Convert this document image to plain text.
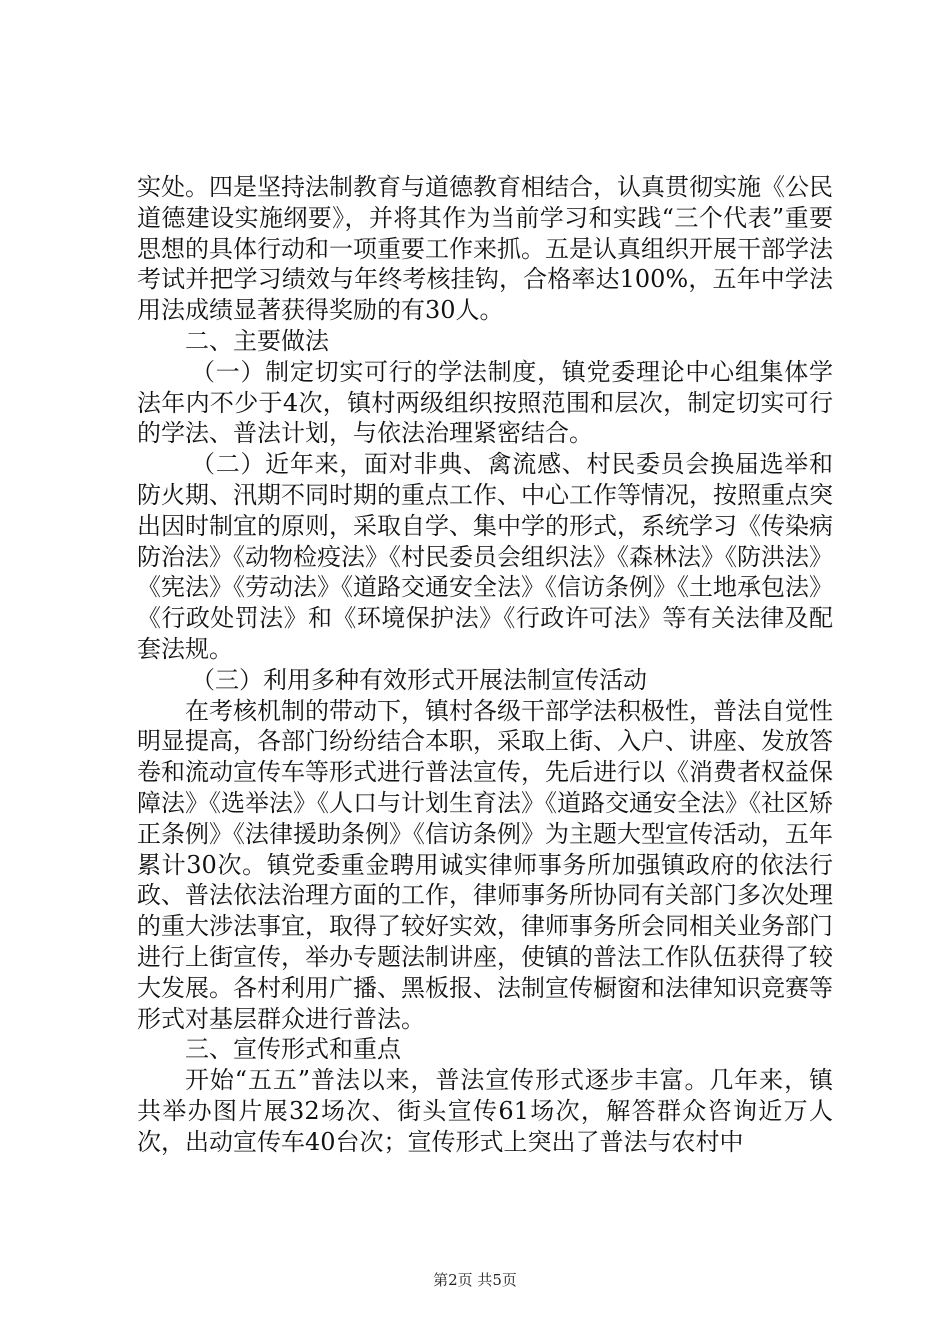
实处。四是坚持法制教育与道德教育相结合，认真贯彻实施《公民道德建设实施纲要》，并将其作为当前学习和实践“三个代表”重要思想的具体行动和一项重要工作来抓。五是认真组织开展干部学法考试并把学习绩效与年终考核挂钩，合格率达100%，五年中学法用法成绩显著获得奖励的有30人。

二、主要做法

（一）制定切实可行的学法制度，镇党委理论中心组集体学法年内不少于4次，镇村两级组织按照范围和层次，制定切实可行的学法、普法计划，与依法治理紧密结合。

（二）近年来，面对非典、禽流感、村民委员会换届选举和防火期、汛期不同时期的重点工作、中心工作等情况，按照重点突出因时制宜的原则，采取自学、集中学的形式，系统学习《传染病防治法》《动物检疫法》《村民委员会组织法》《森林法》《防洪法》《宪法》《劳动法》《道路交通安全法》《信访条例》《土地承包法》《行政处罚法》和《环境保护法》《行政许可法》等有关法律及配套法规。

（三）利用多种有效形式开展法制宣传活动

在考核机制的带动下，镇村各级干部学法积极性，普法自觉性明显提高，各部门纷纷结合本职，采取上街、入户、讲座、发放答卷和流动宣传车等形式进行普法宣传，先后进行以《消费者权益保障法》《选举法》《人口与计划生育法》《道路交通安全法》《社区矫正条例》《法律援助条例》《信访条例》为主题大型宣传活动，五年累计30次。镇党委重金聘用诚实律师事务所加强镇政府的依法行政、普法依法治理方面的工作，律师事务所协同有关部门多次处理的重大涉法事宜，取得了较好实效，律师事务所会同相关业务部门进行上街宣传，举办专题法制讲座，使镇的普法工作队伍获得了较大发展。各村利用广播、黑板报、法制宣传橱窗和法律知识竞赛等形式对基层群众进行普法。

三、宣传形式和重点

开始“五五”普法以来，普法宣传形式逐步丰富。几年来，镇共举办图片展32场次、街头宣传61场次，解答群众咨询近万人次，出动宣传车40台次；宣传形式上突出了普法与农村中

第2页 共5页
